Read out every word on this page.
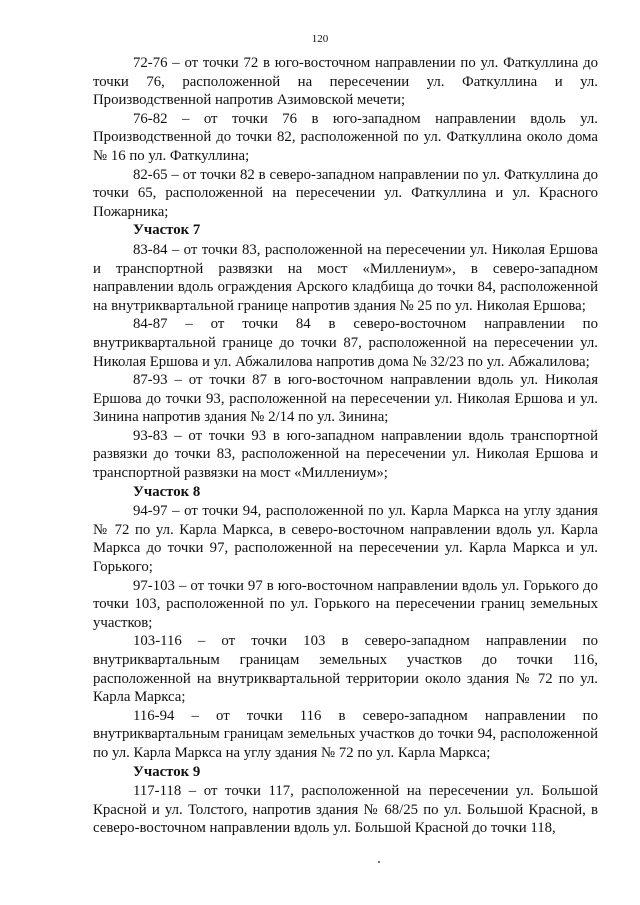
120

72-76 – от точки 72 в юго-восточном направлении по ул. Фаткуллина до точки 76, расположенной на пересечении ул. Фаткуллина и ул. Производственной напротив Азимовской мечети;

76-82 – от точки 76 в юго-западном направлении вдоль ул. Производственной до точки 82, расположенной по ул. Фаткуллина около дома № 16 по ул. Фаткуллина;

82-65 – от точки 82 в северо-западном направлении по ул. Фаткуллина до точки 65, расположенной на пересечении ул. Фаткуллина и ул. Красного Пожарника;

Участок 7

83-84 – от точки 83, расположенной на пересечении ул. Николая Ершова и транспортной развязки на мост «Миллениум», в северо-западном направлении вдоль ограждения Арского кладбища до точки 84, расположенной на внутриквартальной границе напротив здания № 25 по ул. Николая Ершова;

84-87 – от точки 84 в северо-восточном направлении по внутриквартальной границе до точки 87, расположенной на пересечении ул. Николая Ершова и ул. Абжалилова напротив дома № 32/23 по ул. Абжалилова;

87-93 – от точки 87 в юго-восточном направлении вдоль ул. Николая Ершова до точки 93, расположенной на пересечении ул. Николая Ершова и ул. Зинина напротив здания № 2/14 по ул. Зинина;

93-83 – от точки 93 в юго-западном направлении вдоль транспортной развязки до точки 83, расположенной на пересечении ул. Николая Ершова и транспортной развязки на мост «Миллениум»;

Участок 8

94-97 – от точки 94, расположенной по ул. Карла Маркса на углу здания № 72 по ул. Карла Маркса, в северо-восточном направлении вдоль ул. Карла Маркса до точки 97, расположенной на пересечении ул. Карла Маркса и ул. Горького;

97-103 – от точки 97 в юго-восточном направлении вдоль ул. Горького до точки 103, расположенной по ул. Горького на пересечении границ земельных участков;

103-116 – от точки 103 в северо-западном направлении по внутриквартальным границам земельных участков до точки 116, расположенной на внутриквартальной территории около здания № 72 по ул. Карла Маркса;

116-94 – от точки 116 в северо-западном направлении по внутриквартальным границам земельных участков до точки 94, расположенной по ул. Карла Маркса на углу здания № 72 по ул. Карла Маркса;

Участок 9

117-118 – от точки 117, расположенной на пересечении ул. Большой Красной и ул. Толстого, напротив здания № 68/25 по ул. Большой Красной, в северо-восточном направлении вдоль ул. Большой Красной до точки 118,
